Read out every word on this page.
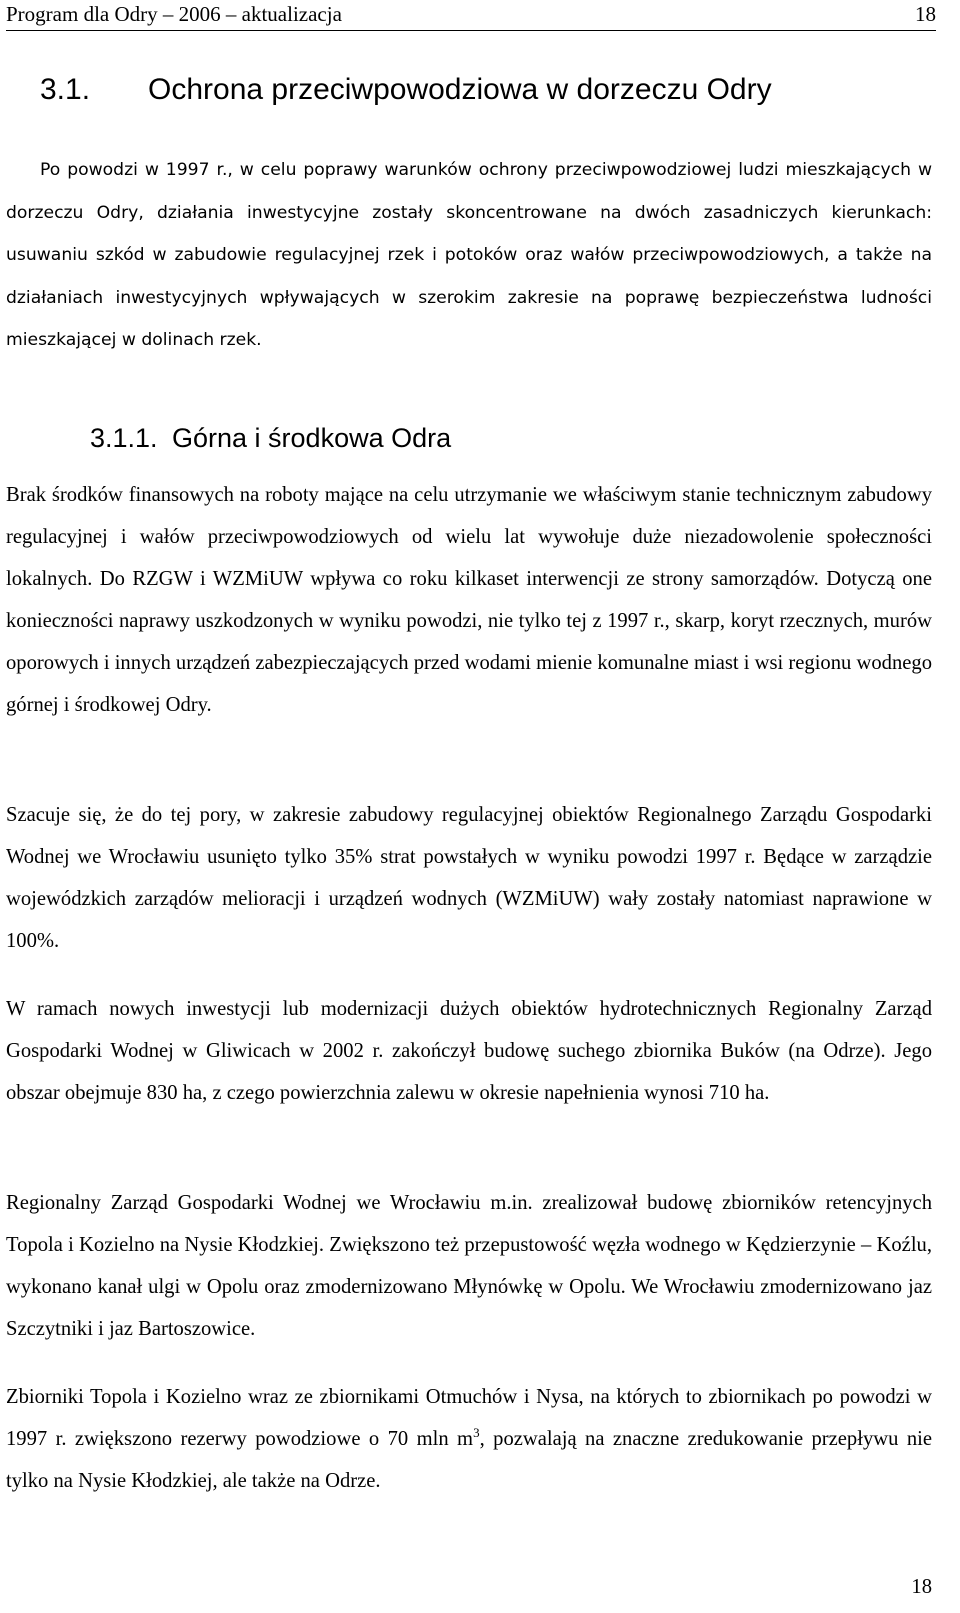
Program dla Odry – 2006 – aktualizacja	18
3.1. Ochrona przeciwpowodziowa w dorzeczu Odry

Po powodzi w 1997 r., w celu poprawy warunków ochrony przeciwpowodziowej ludzi mieszkających w dorzeczu Odry, działania inwestycyjne zostały skoncentrowane na dwóch zasadniczych kierunkach: usuwaniu szkód w zabudowie regulacyjnej rzek i potoków oraz wałów przeciwpowodziowych, a także na działaniach inwestycyjnych wpływających w szerokim zakresie na poprawę bezpieczeństwa ludności mieszkającej w dolinach rzek.

3.1.1. Górna i środkowa Odra

Brak środków finansowych na roboty mające na celu utrzymanie we właściwym stanie technicznym zabudowy regulacyjnej i wałów przeciwpowodziowych od wielu lat wywołuje duże niezadowolenie społeczności lokalnych. Do RZGW i WZMiUW wpływa co roku kilkaset interwencji ze strony samorządów. Dotyczą one konieczności naprawy uszkodzonych w wyniku powodzi, nie tylko tej z 1997 r., skarp, koryt rzecznych, murów oporowych i innych urządzeń zabezpieczających przed wodami mienie komunalne miast i wsi regionu wodnego górnej i środkowej Odry.

Szacuje się, że do tej pory, w zakresie zabudowy regulacyjnej obiektów Regionalnego Zarządu Gospodarki Wodnej we Wrocławiu usunięto tylko 35% strat powstałych w wyniku powodzi 1997 r. Będące w zarządzie wojewódzkich zarządów melioracji i urządzeń wodnych (WZMiUW) wały zostały natomiast naprawione w 100%.

W ramach nowych inwestycji lub modernizacji dużych obiektów hydrotechnicznych Regionalny Zarząd Gospodarki Wodnej w Gliwicach w 2002 r. zakończył budowę suchego zbiornika Buków (na Odrze). Jego obszar obejmuje 830 ha, z czego powierzchnia zalewu w okresie napełnienia wynosi 710 ha.

Regionalny Zarząd Gospodarki Wodnej we Wrocławiu m.in. zrealizował budowę zbiorników retencyjnych Topola i Kozielno na Nysie Kłodzkiej. Zwiększono też przepustowość węzła wodnego w Kędzierzynie – Koźlu, wykonano kanał ulgi w Opolu oraz zmodernizowano Młynówkę w Opolu. We Wrocławiu zmodernizowano jaz Szczytniki i jaz Bartoszowice.

Zbiorniki Topola i Kozielno wraz ze zbiornikami Otmuchów i Nysa, na których to zbiornikach po powodzi w 1997 r. zwiększono rezerwy powodziowe o 70 mln $m^3$, pozwalają na znaczne zredukowanie przepływu nie tylko na Nysie Kłodzkiej, ale także na Odrze.

18
